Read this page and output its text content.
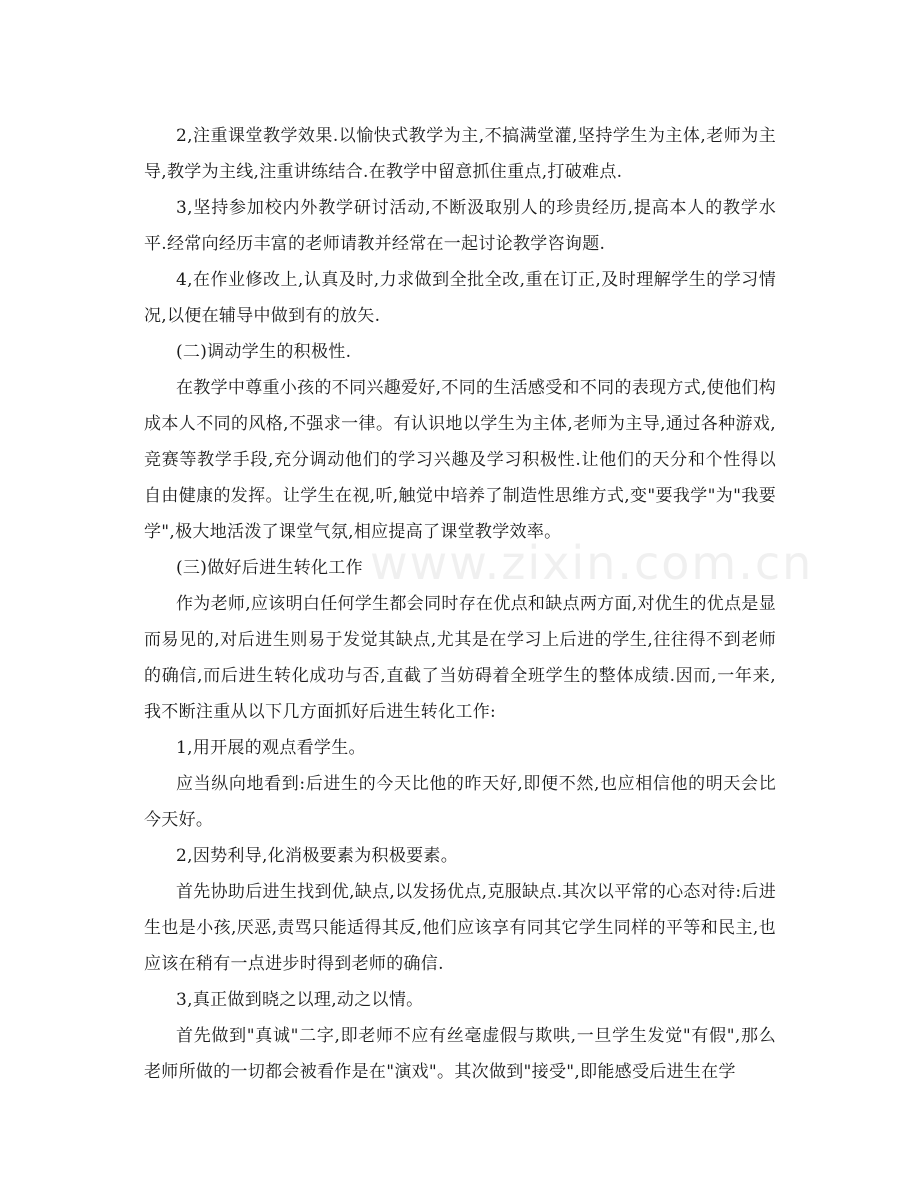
2,注重课堂教学效果.以愉快式教学为主,不搞满堂灌,坚持学生为主体,老师为主导,教学为主线,注重讲练结合.在教学中留意抓住重点,打破难点.

3,坚持参加校内外教学研讨活动,不断汲取别人的珍贵经历,提高本人的教学水平.经常向经历丰富的老师请教并经常在一起讨论教学咨询题.

4,在作业修改上,认真及时,力求做到全批全改,重在订正,及时理解学生的学习情况,以便在辅导中做到有的放矢.

(二)调动学生的积极性.

在教学中尊重小孩的不同兴趣爱好,不同的生活感受和不同的表现方式,使他们构成本人不同的风格,不强求一律。有认识地以学生为主体,老师为主导,通过各种游戏,竞赛等教学手段,充分调动他们的学习兴趣及学习积极性.让他们的天分和个性得以自由健康的发挥。让学生在视,听,触觉中培养了制造性思维方式,变"要我学"为"我要学",极大地活泼了课堂气氛,相应提高了课堂教学效率。

(三)做好后进生转化工作

作为老师,应该明白任何学生都会同时存在优点和缺点两方面,对优生的优点是显而易见的,对后进生则易于发觉其缺点,尤其是在学习上后进的学生,往往得不到老师的确信,而后进生转化成功与否,直截了当妨碍着全班学生的整体成绩.因而,一年来,我不断注重从以下几方面抓好后进生转化工作:

1,用开展的观点看学生。

应当纵向地看到:后进生的今天比他的昨天好,即便不然,也应相信他的明天会比今天好。

2,因势利导,化消极要素为积极要素。

首先协助后进生找到优,缺点,以发扬优点,克服缺点.其次以平常的心态对待:后进生也是小孩,厌恶,责骂只能适得其反,他们应该享有同其它学生同样的平等和民主,也应该在稍有一点进步时得到老师的确信.

3,真正做到晓之以理,动之以情。

首先做到"真诚"二字,即老师不应有丝毫虚假与欺哄,一旦学生发觉"有假",那么老师所做的一切都会被看作是在"演戏"。其次做到"接受",即能感受后进生在学

www.zixin.com.cn
